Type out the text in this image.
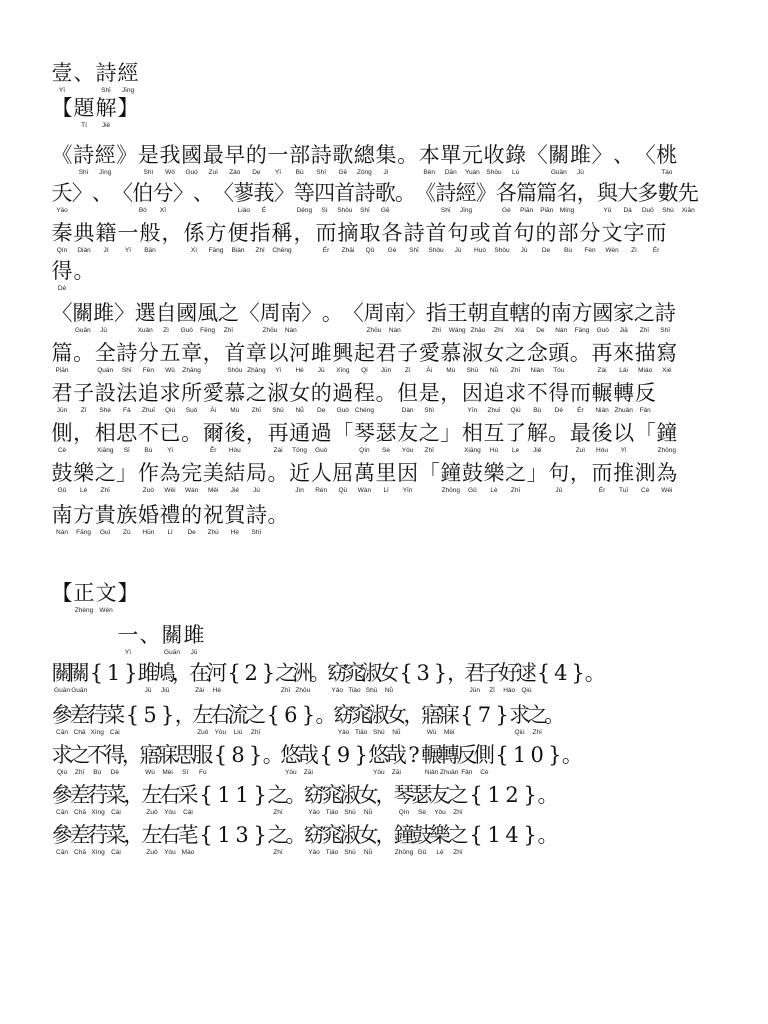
壹
Yī
、 詩
Shī
經
Jīng
【 題
Tí
解
Jiě
】
《 詩
Shī
經
Jīng
》 是
Shì
我
Wǒ
國
Guó
最
Zuì
早
Zǎo
的
De
一
Yī
部
Bù
詩
Shī
歌
Gē
總
Zǒng
集
Jí
。 本
Běn
單
Dān
元
Yuán
收
Shōu
錄
Lù
〈 關
Guān
雎
Jū
〉 、 〈 桃
Táo
夭
Yāo
〉 、 〈 伯
Bó
兮
Xī
〉 、 〈 蓼
Liǎo
莪
É
〉 等
Děng
四
Sì
首
Shǒu
詩
Shī
歌
Gē
。 《 詩
Shī
經
Jīng
》 各
Gè
篇
Piān
篇
Piān
名
Míng
， 與
Yǔ
大
Dà
多
Duō
數
Shù
先
Xiān
秦
Qín
典
Diǎn
籍
Jí
一
Yī
般
Bān
， 係
Xì
方
Fāng
便
Biàn
指
Zhǐ
稱
Chēng
， 而
Ér
摘
Zhāi
取
Qǔ
各
Gè
詩
Shī
首
Shǒu
句
Jù
或
Huò
首
Shǒu
句
Jù
的
De
部
Bù
分
Fèn
文
Wén
字
Zì
而
Ér
得
Dé
。
〈 關
Guān
雎
Jū
〉 選
Xuǎn
自
Zì
國
Guó
風
Fēng
之
Zhī
〈 周
Zhōu
南
Nán
〉 。 〈 周
Zhōu
南
Nán
〉 指
Zhǐ
王
Wáng
朝
Zhāo
直
Zhí
轄
Xiá
的
De
南
Nán
方
Fāng
國
Guó
家
Jiā
之
Zhī
詩
Shī
篇
Piān
。 全
Quán
詩
Shī
分
Fēn
五
Wǔ
章
Zhāng
， 首
Shǒu
章
Zhāng
以
Yǐ
河
Hé
雎
Jū
興
Xīng
起
Qǐ
君
Jūn
子
Zǐ
愛
Ài
慕
Mù
淑
Shū
女
Nǚ
之
Zhī
念
Niàn
頭
Tóu
。 再
Zài
來
Lái
描
Miáo
寫
Xiě
君
Jūn
子
Zǐ
設
Shè
法
Fǎ
追
Zhuī
求
Qiú
所
Suǒ
愛
Ài
慕
Mù
之
Zhī
淑
Shū
女
Nǚ
的
De
過
Guò
程
Chéng
。 但
Dàn
是
Shì
， 因
Yīn
追
Zhuī
求
Qiú
不
Bù
得
Dé
而
Ér
輾
Niǎn
轉
Zhuǎn
反
Fǎn
側
Cè
， 相
Xiāng
思
Sī
不
Bù
已
Yǐ
。 爾
Ěr
後
Hòu
， 再
Zài
通
Tōng
過
Guò
「 琴
Qín
瑟
Sè
友
Yǒu
之
Zhī
」 相
Xiāng
互
Hù
了
Le
解
Jiě
。 最
Zuì
後
Hòu
以
Yǐ
「 鐘
Zhōng
鼓
Gǔ
樂
Lè
之
Zhī
」 作
Zuò
為
Wéi
完
Wán
美
Měi
結
Jié
局
Jú
。 近
Jìn
人
Rén
屈
Qū
萬
Wàn
里
Lǐ
因
Yīn
「 鐘
Zhōng
鼓
Gǔ
樂
Lè
之
Zhī
」 句
Jù
， 而
Ér
推
Tuī
測
Cè
為
Wéi
南
Nán
方
Fāng
貴
Guì
族
Zú
婚
Hūn
禮
Lǐ
的
De
祝
Zhù
賀
Hè
詩
Shī
。
【 正
Zhèng
文
Wén
】
一
Yī
、 關
Guān
雎
Jū
關
Guān
關
Guān
{ 1 } 雎
Jū
鳩
Jiū
，
在
Zài
河
Hé
{ 2 } 之
Zhī
洲
Zhōu
。
窈
Yǎo
窕
Tiǎo
淑
Shū
女
Nǚ
{ 3 } ，
君
Jūn
子
Zǐ
好
Hǎo
逑
Qiú
{ 4 } 。
參
Cān
差
Chā
荇
Xìng
菜
Cài
{ 5 } ，
左
Zuǒ
右
Yòu
流
Liú
之
Zhī
{ 6 } 。
窈
Yǎo
窕
Tiǎo
淑
Shū
女
Nǚ
，
寤
Wù
寐
Mèi
{ 7 } 求
Qiú
之
Zhī
。
求
Qiú
之
Zhī
不
Bù
得
Dé
，
寤
Wù
寐
Mèi
思
Sī
服
Fú
{ 8 } 。
悠
Yōu
哉
Zāi
{ 9 } 悠
Yōu
哉
Zāi
? 輾
Niǎn
轉
Zhuǎn
反
Fǎn
側
Cè
{ 1 0 } 。
參
Cān
差
Chā
荇
Xìng
菜
Cài
，
左
Zuǒ
右
Yòu
采
Cǎi
{ 1 1 } 之
Zhī
。
窈
Yǎo
窕
Tiǎo
淑
Shū
女
Nǚ
，
琴
Qín
瑟
Sè
友
Yǒu
之
Zhī
{ 1 2 } 。
參
Cān
差
Chā
荇
Xìng
菜
Cài
，
左
Zuǒ
右
Yòu
芼
Mào
{ 1 3 } 之
Zhī
。
窈
Yǎo
窕
Tiǎo
淑
Shū
女
Nǚ
，
鐘
Zhōng
鼓
Gǔ
樂
Lè
之
Zhī
{ 1 4 } 。
